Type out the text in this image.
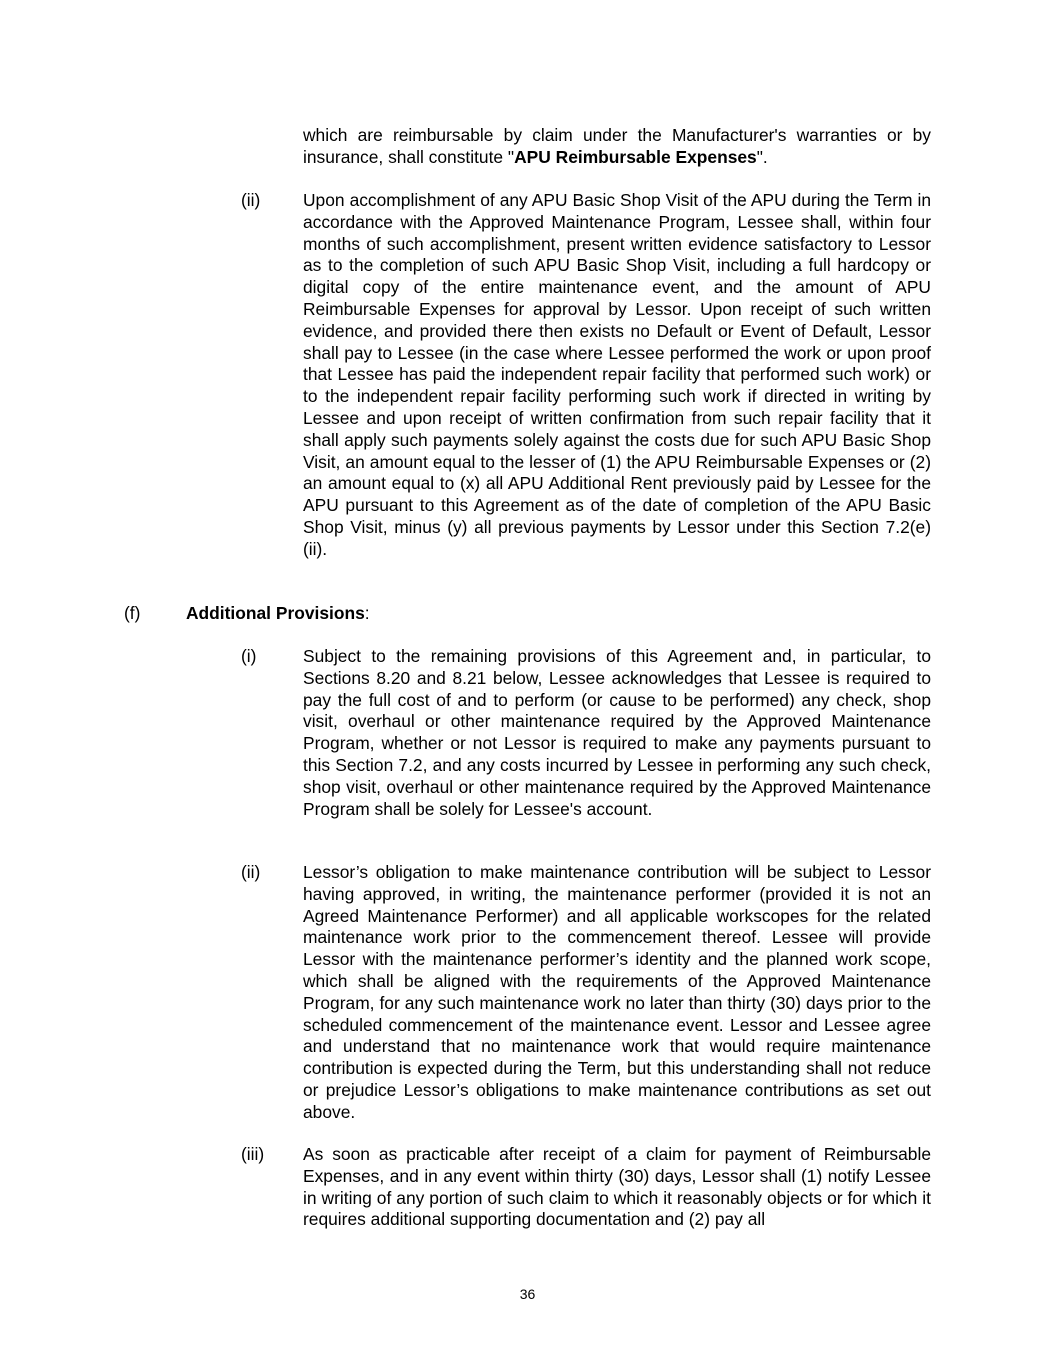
which are reimbursable by claim under the Manufacturer's warranties or by insurance, shall constitute "APU Reimbursable Expenses".

(ii) Upon accomplishment of any APU Basic Shop Visit of the APU during the Term in accordance with the Approved Maintenance Program, Lessee shall, within four months of such accomplishment, present written evidence satisfactory to Lessor as to the completion of such APU Basic Shop Visit, including a full hardcopy or digital copy of the entire maintenance event, and the amount of APU Reimbursable Expenses for approval by Lessor. Upon receipt of such written evidence, and provided there then exists no Default or Event of Default, Lessor shall pay to Lessee (in the case where Lessee performed the work or upon proof that Lessee has paid the independent repair facility that performed such work) or to the independent repair facility performing such work if directed in writing by Lessee and upon receipt of written confirmation from such repair facility that it shall apply such payments solely against the costs due for such APU Basic Shop Visit, an amount equal to the lesser of (1) the APU Reimbursable Expenses or (2) an amount equal to (x) all APU Additional Rent previously paid by Lessee for the APU pursuant to this Agreement as of the date of completion of the APU Basic Shop Visit, minus (y) all previous payments by Lessor under this Section 7.2(e)(ii).

(f)	Additional Provisions:

(i)	Subject to the remaining provisions of this Agreement and, in particular, to Sections 8.20 and 8.21 below, Lessee acknowledges that Lessee is required to pay the full cost of and to perform (or cause to be performed) any check, shop visit, overhaul or other maintenance required by the Approved Maintenance Program, whether or not Lessor is required to make any payments pursuant to this Section 7.2, and any costs incurred by Lessee in performing any such check, shop visit, overhaul or other maintenance required by the Approved Maintenance Program shall be solely for Lessee's account.

(ii) Lessor’s obligation to make maintenance contribution will be subject to Lessor having approved, in writing, the maintenance performer (provided it is not an Agreed Maintenance Performer) and all applicable workscopes for the related maintenance work prior to the commencement thereof. Lessee will provide Lessor with the maintenance performer’s identity and the planned work scope, which shall be aligned with the requirements of the Approved Maintenance Program, for any such maintenance work no later than thirty (30) days prior to the scheduled commencement of the maintenance event. Lessor and Lessee agree and understand that no maintenance work that would require maintenance contribution is expected during the Term, but this understanding shall not reduce or prejudice Lessor’s obligations to make maintenance contributions as set out above.

(iii) As soon as practicable after receipt of a claim for payment of Reimbursable Expenses, and in any event within thirty (30) days, Lessor shall (1) notify Lessee in writing of any portion of such claim to which it reasonably objects or for which it requires additional supporting documentation and (2) pay all

36
